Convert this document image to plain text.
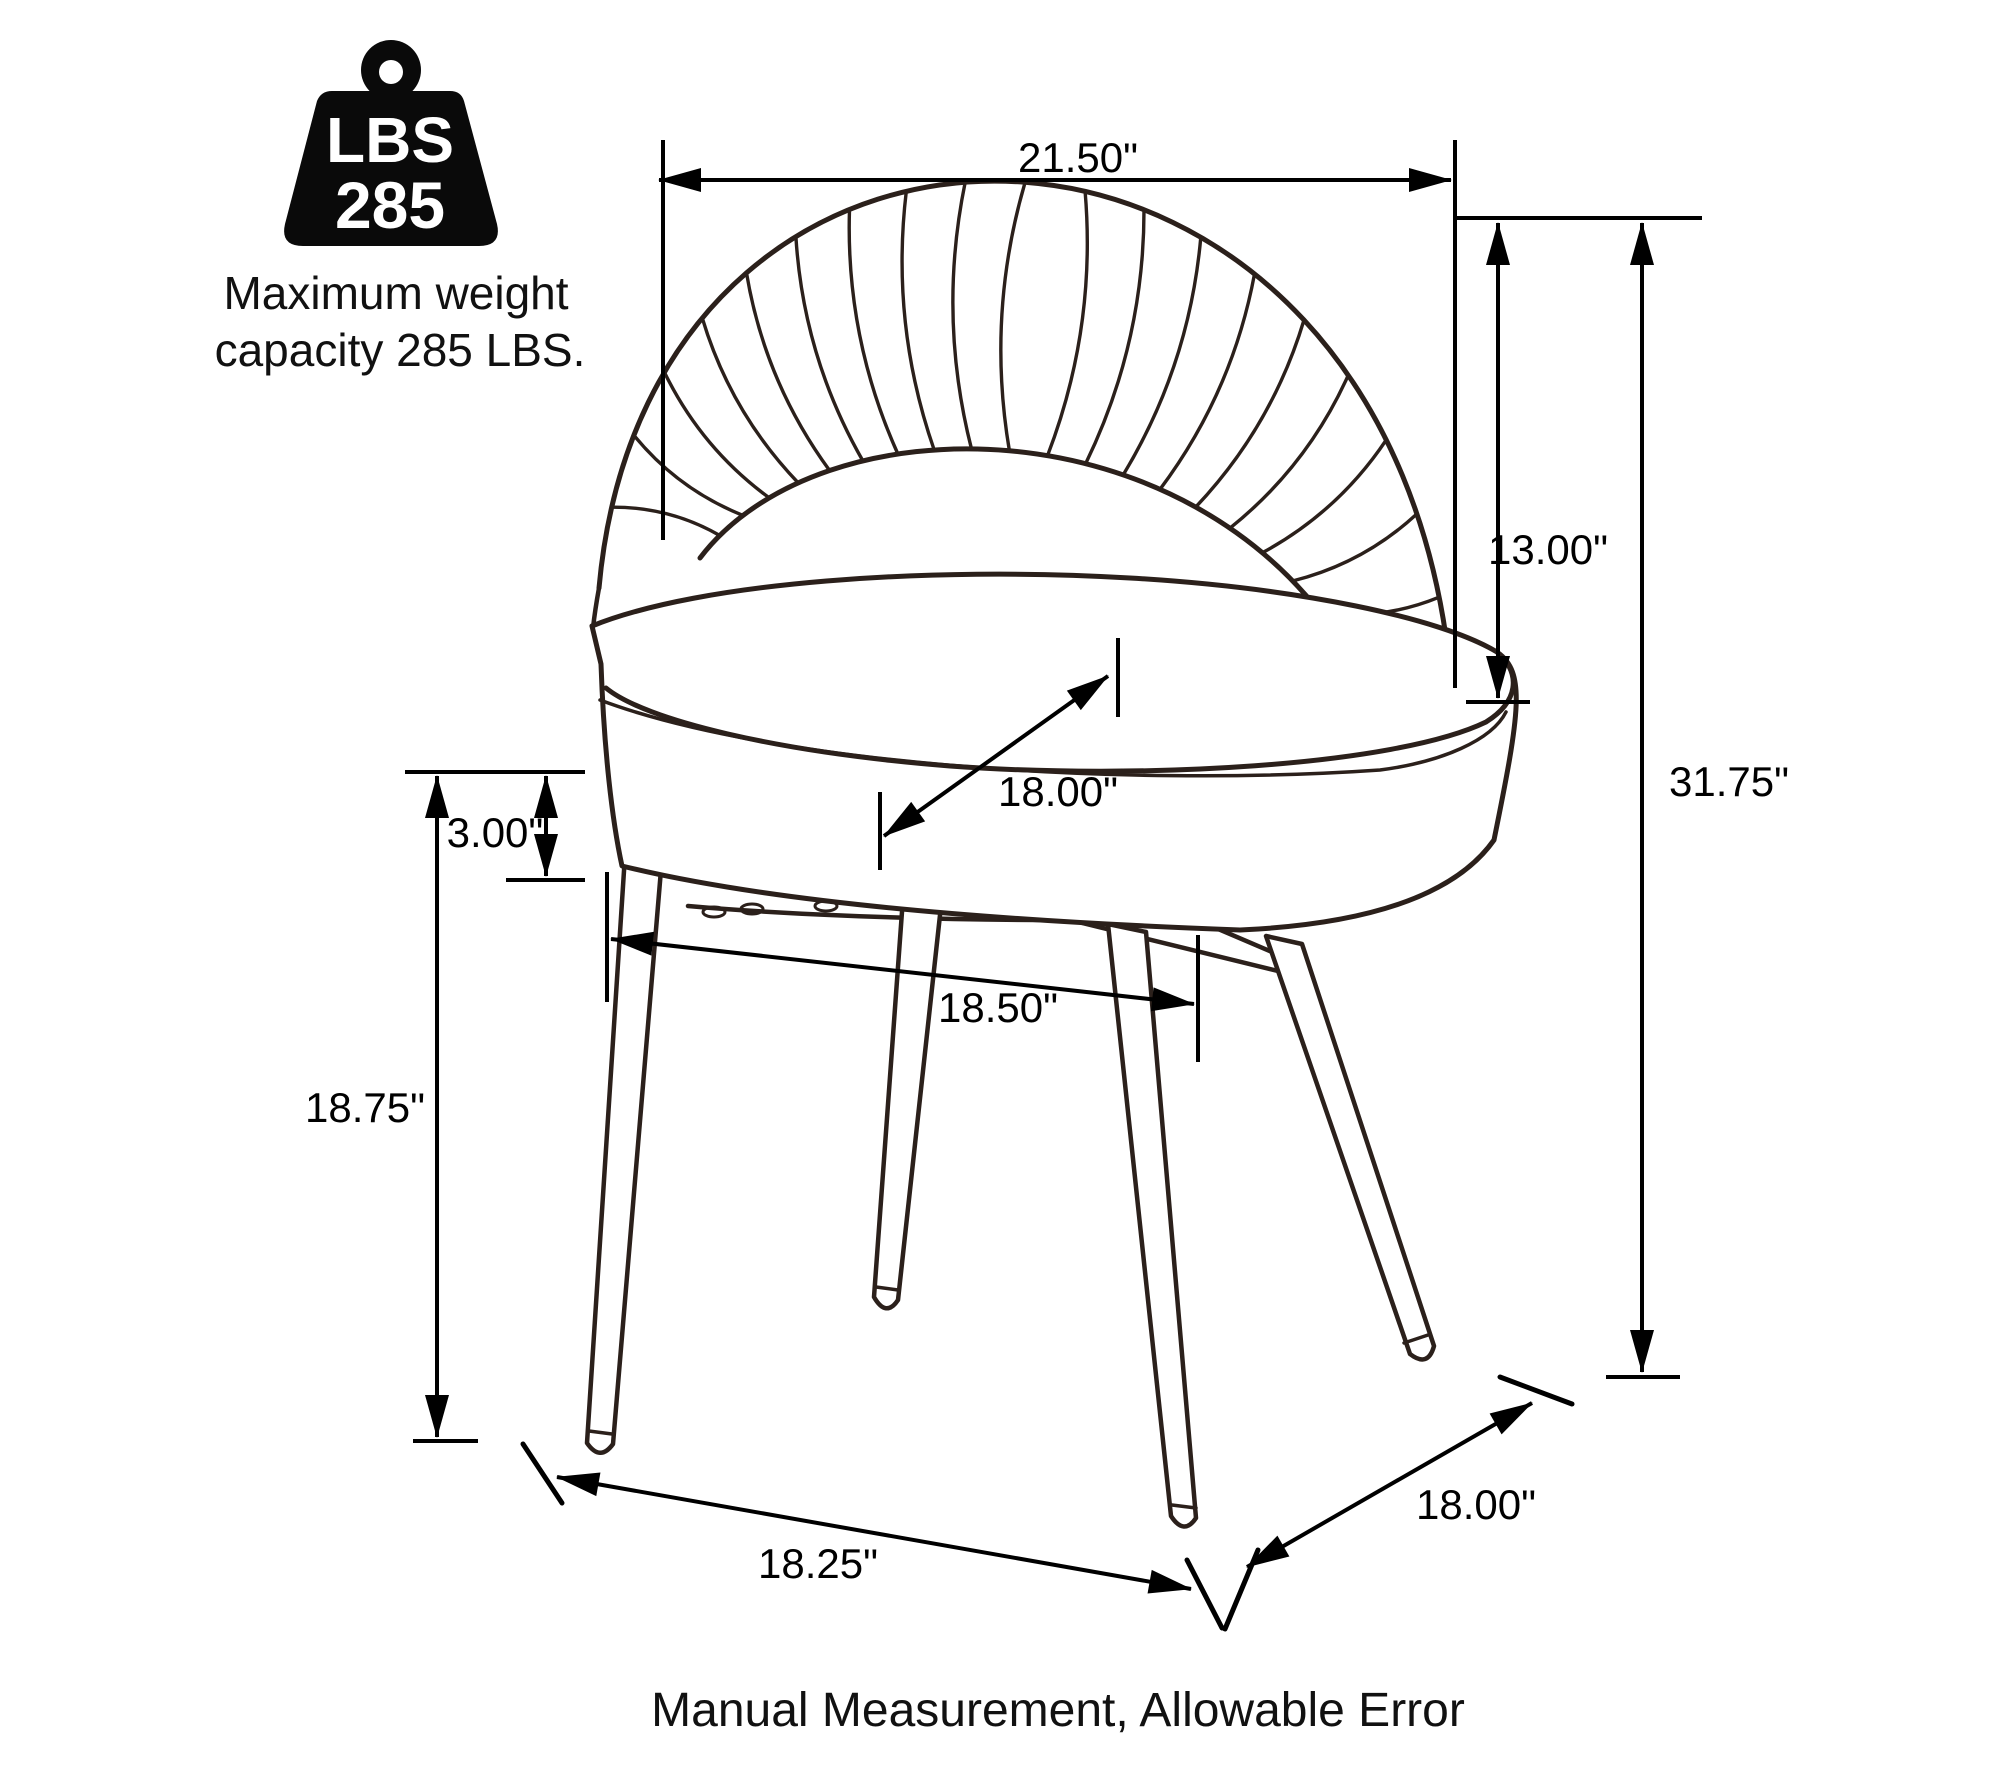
LBS
285
Maximum weight
capacity 285 LBS.
21.50"
13.00"
31.75"
18.00"
3.00"
18.75"
18.50"
18.25"
18.00"
Manual Measurement, Allowable Error
